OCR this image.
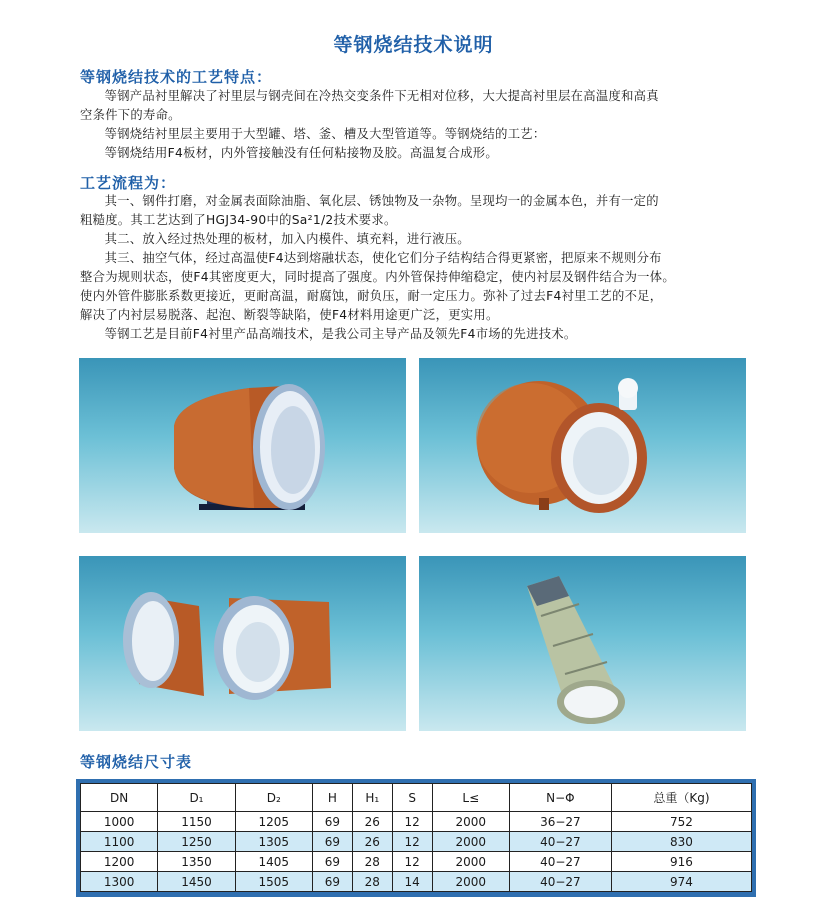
等钢烧结技术说明
等钢烧结技术的工艺特点：

等钢产品衬里解决了衬里层与钢壳间在冷热交变条件下无相对位移，大大提高衬里层在高温度和高真

空条件下的寿命。

等钢烧结衬里层主要用于大型罐、塔、釜、槽及大型管道等。等钢烧结的工艺：

等钢烧结用F4板材，内外管接触没有任何粘接物及胶。高温复合成形。

工艺流程为：

其一、钢件打磨，对金属表面除油脂、氧化层、锈蚀物及一杂物。呈现均一的金属本色，并有一定的

粗糙度。其工艺达到了HGJ34-90中的Sa²1/2技术要求。

其二、放入经过热处理的板材，加入内模件、填充料，进行液压。

其三、抽空气体，经过高温使F4达到熔融状态，使化它们分子结构结合得更紧密，把原来不规则分布

整合为规则状态，使F4其密度更大，同时提高了强度。内外管保持伸缩稳定，使内衬层及钢件结合为一体。

使内外管件膨胀系数更接近，更耐高温，耐腐蚀，耐负压，耐一定压力。弥补了过去F4衬里工艺的不足，

解决了内衬层易脱落、起泡、断裂等缺陷，使F4材料用途更广泛，更实用。

等钢工艺是目前F4衬里产品高端技术，是我公司主导产品及领先F4市场的先进技术。

等钢烧结尺寸表
DN	D₁	D₂	H	H₁	S	L≤	N−Φ	总重（Kg)
1000	1150	1205	69	26	12	2000	36−27	752
1100	1250	1305	69	26	12	2000	40−27	830
1200	1350	1405	69	28	12	2000	40−27	916
1300	1450	1505	69	28	14	2000	40−27	974
